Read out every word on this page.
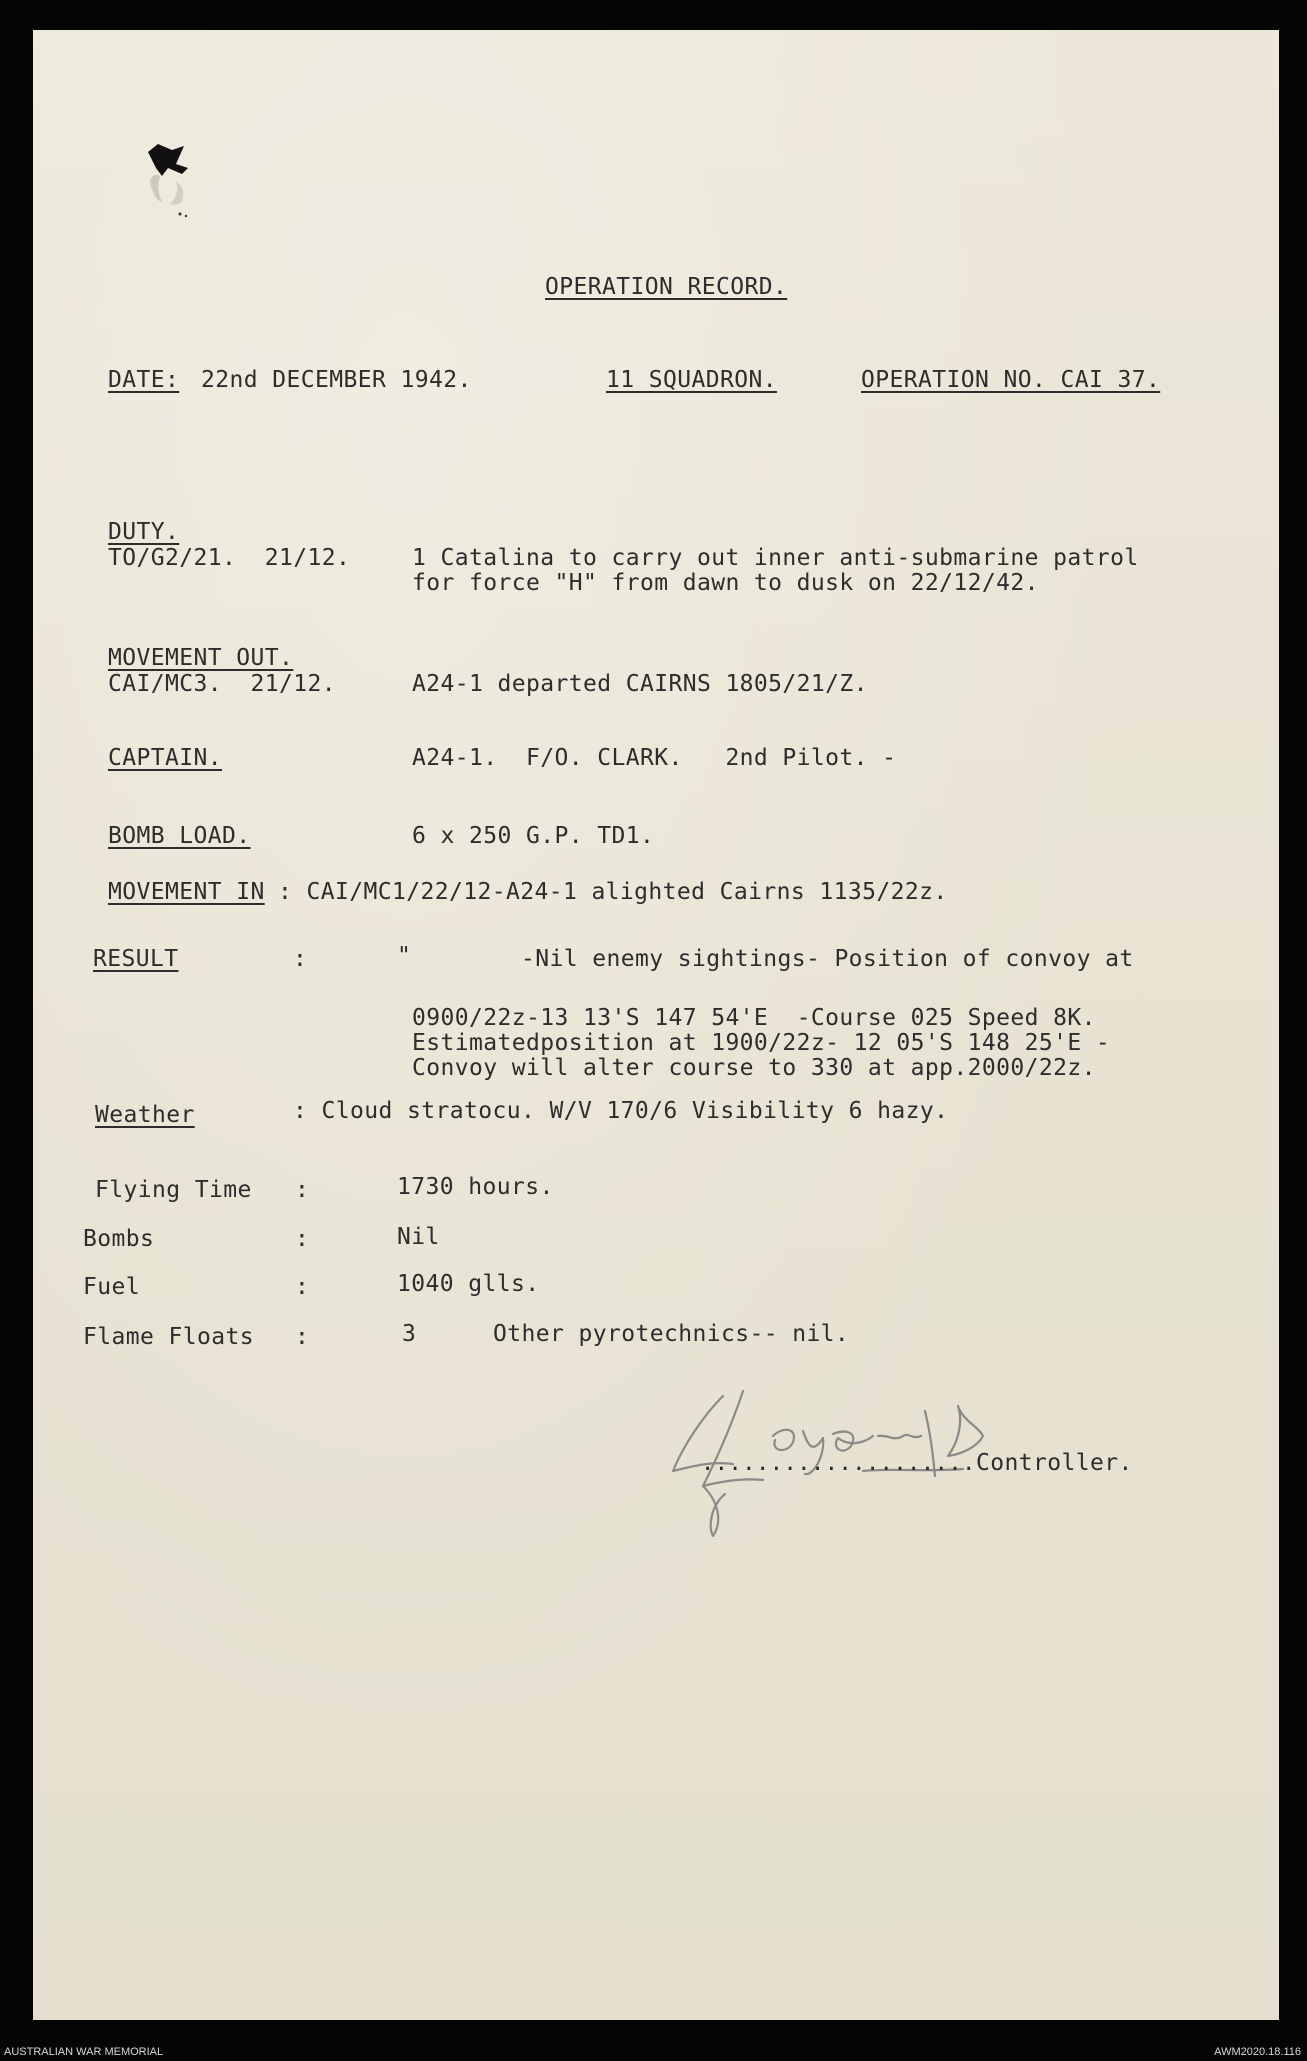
OPERATION RECORD.
DATE: 22nd DECEMBER 1942.	11 SQUADRON.	OPERATION NO. CAI 37.
DUTY.
TO/G2/21.  21/12.	1 Catalina to carry out inner anti-submarine patrol
for force "H" from dawn to dusk on 22/12/42.
MOVEMENT OUT.
CAI/MC3.  21/12.	A24-1 departed CAIRNS 1805/21/Z.
CAPTAIN.	A24-1.  F/O. CLARK.   2nd Pilot. -
BOMB LOAD.	6 x 250 G.P. TD1.
MOVEMENT IN : CAI/MC1/22/12-A24-1 alighted Cairns 1135/22z.
RESULT	:	"	-Nil enemy sightings- Position of convoy at
0900/22z-13 13'S 147 54'E  -Course 025 Speed 8K.
Estimatedposition at 1900/22z- 12 05'S 148 25'E -
Convoy will alter course to 330 at app.2000/22z.
Weather	: Cloud stratocu. W/V 170/6 Visibility 6 hazy.
Flying Time :	1730 hours.
Bombs	:	Nil
Fuel	:	1040 glls.
Flame Floats :	3	Other pyrotechnics-- nil.
.................... Controller.
AUSTRALIAN WAR MEMORIAL	AWM2020.18.116
